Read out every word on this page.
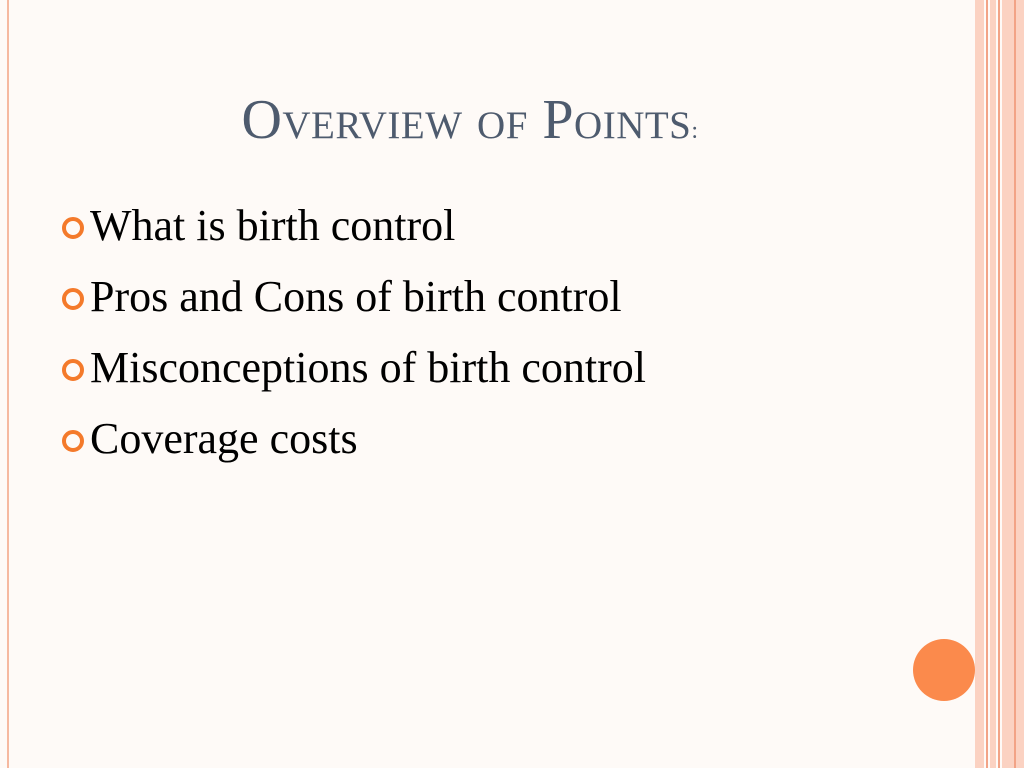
Overview of Points:
What is birth control
Pros and Cons of birth control
Misconceptions of birth control
Coverage costs
